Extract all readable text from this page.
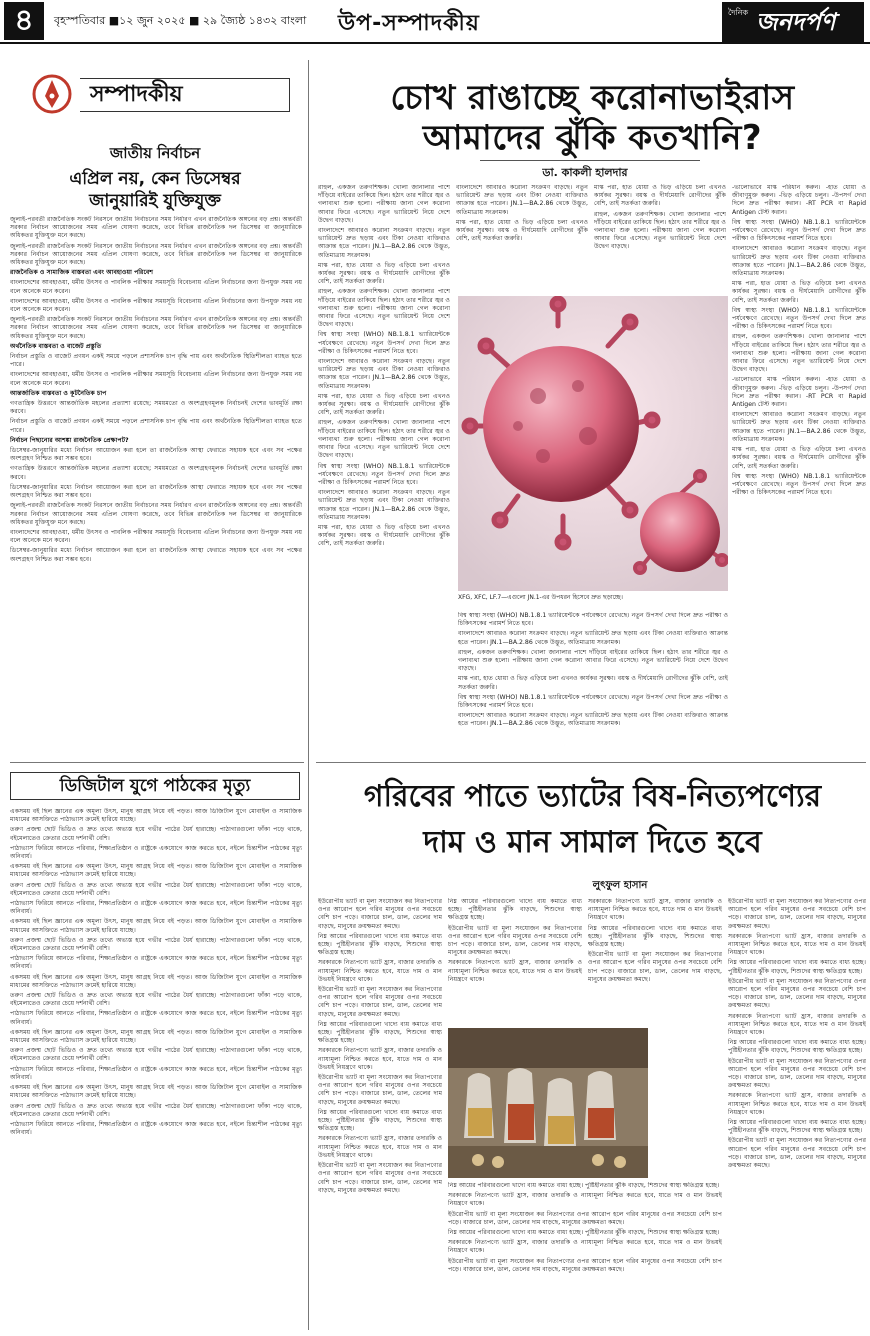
৪	বৃহস্পতিবার ■১২ জুন ২০২৫ ■ ২৯ জ্যৈষ্ঠ ১৪৩২ বাংলা উপ-সম্পাদকীয়	দৈনিক জনদর্পণ
সম্পাদকীয়
জাতীয় নির্বাচন
এপ্রিল নয়, কেন ডিসেম্বর
জানুয়ারিই যুক্তিযুক্ত

জুলাই-পরবর্তী রাজনৈতিক সংকট নিরসনে জাতীয় নির্বাচনের সময় নির্ধারণ এখন রাজনৈতিক অঙ্গনের বড় প্রশ্ন। অন্তর্বর্তী সরকার নির্বাচন আয়োজনের সময় এপ্রিল ঘোষণা করেছে, তবে বিভিন্ন রাজনৈতিক দল ডিসেম্বর বা জানুয়ারিকে অধিকতর যুক্তিযুক্ত মনে করছে।

জুলাই-পরবর্তী রাজনৈতিক সংকট নিরসনে জাতীয় নির্বাচনের সময় নির্ধারণ এখন রাজনৈতিক অঙ্গনের বড় প্রশ্ন। অন্তর্বর্তী সরকার নির্বাচন আয়োজনের সময় এপ্রিল ঘোষণা করেছে, তবে বিভিন্ন রাজনৈতিক দল ডিসেম্বর বা জানুয়ারিকে অধিকতর যুক্তিযুক্ত মনে করছে।

রাজনৈতিক ও সামাজিক বাস্তবতা এবং আবহাওয়া পরিবেশ

বাংলাদেশের আবহাওয়া, ধর্মীয় উৎসব ও পাবলিক পরীক্ষার সময়সূচি বিবেচনায় এপ্রিল নির্বাচনের জন্য উপযুক্ত সময় নয় বলে অনেকে মনে করেন।

বাংলাদেশের আবহাওয়া, ধর্মীয় উৎসব ও পাবলিক পরীক্ষার সময়সূচি বিবেচনায় এপ্রিল নির্বাচনের জন্য উপযুক্ত সময় নয় বলে অনেকে মনে করেন।

জুলাই-পরবর্তী রাজনৈতিক সংকট নিরসনে জাতীয় নির্বাচনের সময় নির্ধারণ এখন রাজনৈতিক অঙ্গনের বড় প্রশ্ন। অন্তর্বর্তী সরকার নির্বাচন আয়োজনের সময় এপ্রিল ঘোষণা করেছে, তবে বিভিন্ন রাজনৈতিক দল ডিসেম্বর বা জানুয়ারিকে অধিকতর যুক্তিযুক্ত মনে করছে।

অর্থনৈতিক বাস্তবতা ও বাজেট প্রস্তুতি

নির্বাচন প্রস্তুতি ও বাজেট প্রণয়ন একই সময়ে পড়লে প্রশাসনিক চাপ বৃদ্ধি পায় এবং অর্থনৈতিক স্থিতিশীলতা ব্যাহত হতে পারে।

বাংলাদেশের আবহাওয়া, ধর্মীয় উৎসব ও পাবলিক পরীক্ষার সময়সূচি বিবেচনায় এপ্রিল নির্বাচনের জন্য উপযুক্ত সময় নয় বলে অনেকে মনে করেন।

আন্তর্জাতিক বাস্তবতা ও কূটনৈতিক চাপ

গণতান্ত্রিক উত্তরণে আন্তর্জাতিক মহলের প্রত্যাশা রয়েছে; সময়মতো ও অংশগ্রহণমূলক নির্বাচনই দেশের ভাবমূর্তি রক্ষা করবে।

নির্বাচন প্রস্তুতি ও বাজেট প্রণয়ন একই সময়ে পড়লে প্রশাসনিক চাপ বৃদ্ধি পায় এবং অর্থনৈতিক স্থিতিশীলতা ব্যাহত হতে পারে।

নির্বাচন পিছানোর আশঙ্কা রাজনৈতিক প্রেক্ষাপট?

ডিসেম্বর-জানুয়ারির মধ্যে নির্বাচন আয়োজন করা হলে তা রাজনৈতিক আস্থা ফেরাতে সহায়ক হবে এবং সব পক্ষের অংশগ্রহণ নিশ্চিত করা সম্ভব হবে।

গণতান্ত্রিক উত্তরণে আন্তর্জাতিক মহলের প্রত্যাশা রয়েছে; সময়মতো ও অংশগ্রহণমূলক নির্বাচনই দেশের ভাবমূর্তি রক্ষা করবে।

ডিসেম্বর-জানুয়ারির মধ্যে নির্বাচন আয়োজন করা হলে তা রাজনৈতিক আস্থা ফেরাতে সহায়ক হবে এবং সব পক্ষের অংশগ্রহণ নিশ্চিত করা সম্ভব হবে।

জুলাই-পরবর্তী রাজনৈতিক সংকট নিরসনে জাতীয় নির্বাচনের সময় নির্ধারণ এখন রাজনৈতিক অঙ্গনের বড় প্রশ্ন। অন্তর্বর্তী সরকার নির্বাচন আয়োজনের সময় এপ্রিল ঘোষণা করেছে, তবে বিভিন্ন রাজনৈতিক দল ডিসেম্বর বা জানুয়ারিকে অধিকতর যুক্তিযুক্ত মনে করছে।

বাংলাদেশের আবহাওয়া, ধর্মীয় উৎসব ও পাবলিক পরীক্ষার সময়সূচি বিবেচনায় এপ্রিল নির্বাচনের জন্য উপযুক্ত সময় নয় বলে অনেকে মনে করেন।

ডিসেম্বর-জানুয়ারির মধ্যে নির্বাচন আয়োজন করা হলে তা রাজনৈতিক আস্থা ফেরাতে সহায়ক হবে এবং সব পক্ষের অংশগ্রহণ নিশ্চিত করা সম্ভব হবে।

ডিজিটাল যুগে পাঠকের মৃত্যু

একসময় বই ছিল জ্ঞানের এক অমূল্য উৎস, মানুষ আগ্রহ নিয়ে বই পড়ত। আজ ডিজিটাল যুগে মোবাইল ও সামাজিক মাধ্যমের আসক্তিতে পাঠাভ্যাস ক্রমেই হারিয়ে যাচ্ছে।

তরুণ প্রজন্ম ছোট ভিডিও ও দ্রুত তথ্যে অভ্যস্ত হয়ে গভীর পাঠের ধৈর্য হারাচ্ছে। পাঠাগারগুলো ফাঁকা পড়ে থাকে, বইমেলাতেও ক্রেতার চেয়ে দর্শনার্থী বেশি।

পাঠাভ্যাস ফিরিয়ে আনতে পরিবার, শিক্ষাপ্রতিষ্ঠান ও রাষ্ট্রকে একযোগে কাজ করতে হবে, নইলে চিন্তাশীল পাঠকের মৃত্যু অনিবার্য।

একসময় বই ছিল জ্ঞানের এক অমূল্য উৎস, মানুষ আগ্রহ নিয়ে বই পড়ত। আজ ডিজিটাল যুগে মোবাইল ও সামাজিক মাধ্যমের আসক্তিতে পাঠাভ্যাস ক্রমেই হারিয়ে যাচ্ছে।

তরুণ প্রজন্ম ছোট ভিডিও ও দ্রুত তথ্যে অভ্যস্ত হয়ে গভীর পাঠের ধৈর্য হারাচ্ছে। পাঠাগারগুলো ফাঁকা পড়ে থাকে, বইমেলাতেও ক্রেতার চেয়ে দর্শনার্থী বেশি।

পাঠাভ্যাস ফিরিয়ে আনতে পরিবার, শিক্ষাপ্রতিষ্ঠান ও রাষ্ট্রকে একযোগে কাজ করতে হবে, নইলে চিন্তাশীল পাঠকের মৃত্যু অনিবার্য।

একসময় বই ছিল জ্ঞানের এক অমূল্য উৎস, মানুষ আগ্রহ নিয়ে বই পড়ত। আজ ডিজিটাল যুগে মোবাইল ও সামাজিক মাধ্যমের আসক্তিতে পাঠাভ্যাস ক্রমেই হারিয়ে যাচ্ছে।

তরুণ প্রজন্ম ছোট ভিডিও ও দ্রুত তথ্যে অভ্যস্ত হয়ে গভীর পাঠের ধৈর্য হারাচ্ছে। পাঠাগারগুলো ফাঁকা পড়ে থাকে, বইমেলাতেও ক্রেতার চেয়ে দর্শনার্থী বেশি।

পাঠাভ্যাস ফিরিয়ে আনতে পরিবার, শিক্ষাপ্রতিষ্ঠান ও রাষ্ট্রকে একযোগে কাজ করতে হবে, নইলে চিন্তাশীল পাঠকের মৃত্যু অনিবার্য।

একসময় বই ছিল জ্ঞানের এক অমূল্য উৎস, মানুষ আগ্রহ নিয়ে বই পড়ত। আজ ডিজিটাল যুগে মোবাইল ও সামাজিক মাধ্যমের আসক্তিতে পাঠাভ্যাস ক্রমেই হারিয়ে যাচ্ছে।

তরুণ প্রজন্ম ছোট ভিডিও ও দ্রুত তথ্যে অভ্যস্ত হয়ে গভীর পাঠের ধৈর্য হারাচ্ছে। পাঠাগারগুলো ফাঁকা পড়ে থাকে, বইমেলাতেও ক্রেতার চেয়ে দর্শনার্থী বেশি।

পাঠাভ্যাস ফিরিয়ে আনতে পরিবার, শিক্ষাপ্রতিষ্ঠান ও রাষ্ট্রকে একযোগে কাজ করতে হবে, নইলে চিন্তাশীল পাঠকের মৃত্যু অনিবার্য।

একসময় বই ছিল জ্ঞানের এক অমূল্য উৎস, মানুষ আগ্রহ নিয়ে বই পড়ত। আজ ডিজিটাল যুগে মোবাইল ও সামাজিক মাধ্যমের আসক্তিতে পাঠাভ্যাস ক্রমেই হারিয়ে যাচ্ছে।

তরুণ প্রজন্ম ছোট ভিডিও ও দ্রুত তথ্যে অভ্যস্ত হয়ে গভীর পাঠের ধৈর্য হারাচ্ছে। পাঠাগারগুলো ফাঁকা পড়ে থাকে, বইমেলাতেও ক্রেতার চেয়ে দর্শনার্থী বেশি।

পাঠাভ্যাস ফিরিয়ে আনতে পরিবার, শিক্ষাপ্রতিষ্ঠান ও রাষ্ট্রকে একযোগে কাজ করতে হবে, নইলে চিন্তাশীল পাঠকের মৃত্যু অনিবার্য।

একসময় বই ছিল জ্ঞানের এক অমূল্য উৎস, মানুষ আগ্রহ নিয়ে বই পড়ত। আজ ডিজিটাল যুগে মোবাইল ও সামাজিক মাধ্যমের আসক্তিতে পাঠাভ্যাস ক্রমেই হারিয়ে যাচ্ছে।

তরুণ প্রজন্ম ছোট ভিডিও ও দ্রুত তথ্যে অভ্যস্ত হয়ে গভীর পাঠের ধৈর্য হারাচ্ছে। পাঠাগারগুলো ফাঁকা পড়ে থাকে, বইমেলাতেও ক্রেতার চেয়ে দর্শনার্থী বেশি।

পাঠাভ্যাস ফিরিয়ে আনতে পরিবার, শিক্ষাপ্রতিষ্ঠান ও রাষ্ট্রকে একযোগে কাজ করতে হবে, নইলে চিন্তাশীল পাঠকের মৃত্যু অনিবার্য।

চোখ রাঙাচ্ছে করোনাভাইরাস
আমাদের ঝুঁকি কতখানি?
ডা. কাকলী হালদার

রাহুল, একজন তরুণশিক্ষক। খোলা জানালার পাশে দাঁড়িয়ে বাইরের তাকিয়ে ছিল। হঠাৎ তার শরীরে জ্বর ও গলাব্যথা শুরু হলো। পরীক্ষায় জানা গেল করোনা আবার ফিরে এসেছে। নতুন ভ্যারিয়েন্ট নিয়ে দেশে উদ্বেগ বাড়ছে।

বাংলাদেশে আবারও করোনা সংক্রমণ বাড়ছে। নতুন ভ্যারিয়েন্ট দ্রুত ছড়ায় এবং টিকা নেওয়া ব্যক্তিরাও আক্রান্ত হতে পারেন। JN.1—BA.2.86 থেকে উদ্ভূত, অতিমাত্রায় সংক্রামক।

মাস্ক পরা, হাত ধোয়া ও ভিড় এড়িয়ে চলা এখনও কার্যকর সুরক্ষা। বয়স্ক ও দীর্ঘমেয়াদি রোগীদের ঝুঁকি বেশি, তাই সতর্কতা জরুরি।

রাহুল, একজন তরুণশিক্ষক। খোলা জানালার পাশে দাঁড়িয়ে বাইরের তাকিয়ে ছিল। হঠাৎ তার শরীরে জ্বর ও গলাব্যথা শুরু হলো। পরীক্ষায় জানা গেল করোনা আবার ফিরে এসেছে। নতুন ভ্যারিয়েন্ট নিয়ে দেশে উদ্বেগ বাড়ছে।

বিশ্ব স্বাস্থ্য সংস্থা (WHO) NB.1.8.1 ভ্যারিয়েন্টকে পর্যবেক্ষণে রেখেছে। নতুন উপসর্গ দেখা দিলে দ্রুত পরীক্ষা ও চিকিৎসকের পরামর্শ নিতে হবে।

বাংলাদেশে আবারও করোনা সংক্রমণ বাড়ছে। নতুন ভ্যারিয়েন্ট দ্রুত ছড়ায় এবং টিকা নেওয়া ব্যক্তিরাও আক্রান্ত হতে পারেন। JN.1—BA.2.86 থেকে উদ্ভূত, অতিমাত্রায় সংক্রামক।

মাস্ক পরা, হাত ধোয়া ও ভিড় এড়িয়ে চলা এখনও কার্যকর সুরক্ষা। বয়স্ক ও দীর্ঘমেয়াদি রোগীদের ঝুঁকি বেশি, তাই সতর্কতা জরুরি।

রাহুল, একজন তরুণশিক্ষক। খোলা জানালার পাশে দাঁড়িয়ে বাইরের তাকিয়ে ছিল। হঠাৎ তার শরীরে জ্বর ও গলাব্যথা শুরু হলো। পরীক্ষায় জানা গেল করোনা আবার ফিরে এসেছে। নতুন ভ্যারিয়েন্ট নিয়ে দেশে উদ্বেগ বাড়ছে।

বিশ্ব স্বাস্থ্য সংস্থা (WHO) NB.1.8.1 ভ্যারিয়েন্টকে পর্যবেক্ষণে রেখেছে। নতুন উপসর্গ দেখা দিলে দ্রুত পরীক্ষা ও চিকিৎসকের পরামর্শ নিতে হবে।

বাংলাদেশে আবারও করোনা সংক্রমণ বাড়ছে। নতুন ভ্যারিয়েন্ট দ্রুত ছড়ায় এবং টিকা নেওয়া ব্যক্তিরাও আক্রান্ত হতে পারেন। JN.1—BA.2.86 থেকে উদ্ভূত, অতিমাত্রায় সংক্রামক।

মাস্ক পরা, হাত ধোয়া ও ভিড় এড়িয়ে চলা এখনও কার্যকর সুরক্ষা। বয়স্ক ও দীর্ঘমেয়াদি রোগীদের ঝুঁকি বেশি, তাই সতর্কতা জরুরি।

বাংলাদেশে আবারও করোনা সংক্রমণ বাড়ছে। নতুন ভ্যারিয়েন্ট দ্রুত ছড়ায় এবং টিকা নেওয়া ব্যক্তিরাও আক্রান্ত হতে পারেন। JN.1—BA.2.86 থেকে উদ্ভূত, অতিমাত্রায় সংক্রামক।

মাস্ক পরা, হাত ধোয়া ও ভিড় এড়িয়ে চলা এখনও কার্যকর সুরক্ষা। বয়স্ক ও দীর্ঘমেয়াদি রোগীদের ঝুঁকি বেশি, তাই সতর্কতা জরুরি।

মাস্ক পরা, হাত ধোয়া ও ভিড় এড়িয়ে চলা এখনও কার্যকর সুরক্ষা। বয়স্ক ও দীর্ঘমেয়াদি রোগীদের ঝুঁকি বেশি, তাই সতর্কতা জরুরি।

রাহুল, একজন তরুণশিক্ষক। খোলা জানালার পাশে দাঁড়িয়ে বাইরের তাকিয়ে ছিল। হঠাৎ তার শরীরে জ্বর ও গলাব্যথা শুরু হলো। পরীক্ষায় জানা গেল করোনা আবার ফিরে এসেছে। নতুন ভ্যারিয়েন্ট নিয়ে দেশে উদ্বেগ বাড়ছে।

-ভালোভাবে মাস্ক পরিধান করুন। -হাত ধোয়া ও জীবাণুমুক্ত করুন। -ভিড় এড়িয়ে চলুন। -উপসর্গ দেখা দিলে দ্রুত পরীক্ষা করান। -RT PCR বা Rapid Antigen টেস্ট করান।

বিশ্ব স্বাস্থ্য সংস্থা (WHO) NB.1.8.1 ভ্যারিয়েন্টকে পর্যবেক্ষণে রেখেছে। নতুন উপসর্গ দেখা দিলে দ্রুত পরীক্ষা ও চিকিৎসকের পরামর্শ নিতে হবে।

বাংলাদেশে আবারও করোনা সংক্রমণ বাড়ছে। নতুন ভ্যারিয়েন্ট দ্রুত ছড়ায় এবং টিকা নেওয়া ব্যক্তিরাও আক্রান্ত হতে পারেন। JN.1—BA.2.86 থেকে উদ্ভূত, অতিমাত্রায় সংক্রামক।

মাস্ক পরা, হাত ধোয়া ও ভিড় এড়িয়ে চলা এখনও কার্যকর সুরক্ষা। বয়স্ক ও দীর্ঘমেয়াদি রোগীদের ঝুঁকি বেশি, তাই সতর্কতা জরুরি।

বিশ্ব স্বাস্থ্য সংস্থা (WHO) NB.1.8.1 ভ্যারিয়েন্টকে পর্যবেক্ষণে রেখেছে। নতুন উপসর্গ দেখা দিলে দ্রুত পরীক্ষা ও চিকিৎসকের পরামর্শ নিতে হবে।

রাহুল, একজন তরুণশিক্ষক। খোলা জানালার পাশে দাঁড়িয়ে বাইরের তাকিয়ে ছিল। হঠাৎ তার শরীরে জ্বর ও গলাব্যথা শুরু হলো। পরীক্ষায় জানা গেল করোনা আবার ফিরে এসেছে। নতুন ভ্যারিয়েন্ট নিয়ে দেশে উদ্বেগ বাড়ছে।

-ভালোভাবে মাস্ক পরিধান করুন। -হাত ধোয়া ও জীবাণুমুক্ত করুন। -ভিড় এড়িয়ে চলুন। -উপসর্গ দেখা দিলে দ্রুত পরীক্ষা করান। -RT PCR বা Rapid Antigen টেস্ট করান।

বাংলাদেশে আবারও করোনা সংক্রমণ বাড়ছে। নতুন ভ্যারিয়েন্ট দ্রুত ছড়ায় এবং টিকা নেওয়া ব্যক্তিরাও আক্রান্ত হতে পারেন। JN.1—BA.2.86 থেকে উদ্ভূত, অতিমাত্রায় সংক্রামক।

মাস্ক পরা, হাত ধোয়া ও ভিড় এড়িয়ে চলা এখনও কার্যকর সুরক্ষা। বয়স্ক ও দীর্ঘমেয়াদি রোগীদের ঝুঁকি বেশি, তাই সতর্কতা জরুরি।

বিশ্ব স্বাস্থ্য সংস্থা (WHO) NB.1.8.1 ভ্যারিয়েন্টকে পর্যবেক্ষণে রেখেছে। নতুন উপসর্গ দেখা দিলে দ্রুত পরীক্ষা ও চিকিৎসকের পরামর্শ নিতে হবে।

XFG, XFC, LF.7—এগুলো JN.1-এর উপধরন হিসেবে দ্রুত ছড়াচ্ছে।

বিশ্ব স্বাস্থ্য সংস্থা (WHO) NB.1.8.1 ভ্যারিয়েন্টকে পর্যবেক্ষণে রেখেছে। নতুন উপসর্গ দেখা দিলে দ্রুত পরীক্ষা ও চিকিৎসকের পরামর্শ নিতে হবে।

বাংলাদেশে আবারও করোনা সংক্রমণ বাড়ছে। নতুন ভ্যারিয়েন্ট দ্রুত ছড়ায় এবং টিকা নেওয়া ব্যক্তিরাও আক্রান্ত হতে পারেন। JN.1—BA.2.86 থেকে উদ্ভূত, অতিমাত্রায় সংক্রামক।

রাহুল, একজন তরুণশিক্ষক। খোলা জানালার পাশে দাঁড়িয়ে বাইরের তাকিয়ে ছিল। হঠাৎ তার শরীরে জ্বর ও গলাব্যথা শুরু হলো। পরীক্ষায় জানা গেল করোনা আবার ফিরে এসেছে। নতুন ভ্যারিয়েন্ট নিয়ে দেশে উদ্বেগ বাড়ছে।

মাস্ক পরা, হাত ধোয়া ও ভিড় এড়িয়ে চলা এখনও কার্যকর সুরক্ষা। বয়স্ক ও দীর্ঘমেয়াদি রোগীদের ঝুঁকি বেশি, তাই সতর্কতা জরুরি।

বিশ্ব স্বাস্থ্য সংস্থা (WHO) NB.1.8.1 ভ্যারিয়েন্টকে পর্যবেক্ষণে রেখেছে। নতুন উপসর্গ দেখা দিলে দ্রুত পরীক্ষা ও চিকিৎসকের পরামর্শ নিতে হবে।

বাংলাদেশে আবারও করোনা সংক্রমণ বাড়ছে। নতুন ভ্যারিয়েন্ট দ্রুত ছড়ায় এবং টিকা নেওয়া ব্যক্তিরাও আক্রান্ত হতে পারেন। JN.1—BA.2.86 থেকে উদ্ভূত, অতিমাত্রায় সংক্রামক।

গরিবের পাতে ভ্যাটের বিষ-নিত্যপণ্যের
দাম ও মান সামাল দিতে হবে
লুৎফুল হাসান

ইউরোপীয় ভ্যাট বা মূল্য সংযোজন কর নিত্যপণ্যের ওপর আরোপ হলে গরিব মানুষের ওপর সবচেয়ে বেশি চাপ পড়ে। বাজারে চাল, ডাল, তেলের দাম বাড়ছে, মানুষের ক্রয়ক্ষমতা কমছে।

নিম্ন আয়ের পরিবারগুলো খাদ্যে ব্যয় কমাতে বাধ্য হচ্ছে। পুষ্টিহীনতার ঝুঁকি বাড়ছে, শিশুদের স্বাস্থ্য ক্ষতিগ্রস্ত হচ্ছে।

সরকারকে নিত্যপণ্যে ভ্যাট হ্রাস, বাজার তদারকি ও ন্যায্যমূল্য নিশ্চিত করতে হবে, যাতে দাম ও মান উভয়ই নিয়ন্ত্রণে থাকে।

ইউরোপীয় ভ্যাট বা মূল্য সংযোজন কর নিত্যপণ্যের ওপর আরোপ হলে গরিব মানুষের ওপর সবচেয়ে বেশি চাপ পড়ে। বাজারে চাল, ডাল, তেলের দাম বাড়ছে, মানুষের ক্রয়ক্ষমতা কমছে।

নিম্ন আয়ের পরিবারগুলো খাদ্যে ব্যয় কমাতে বাধ্য হচ্ছে। পুষ্টিহীনতার ঝুঁকি বাড়ছে, শিশুদের স্বাস্থ্য ক্ষতিগ্রস্ত হচ্ছে।

সরকারকে নিত্যপণ্যে ভ্যাট হ্রাস, বাজার তদারকি ও ন্যায্যমূল্য নিশ্চিত করতে হবে, যাতে দাম ও মান উভয়ই নিয়ন্ত্রণে থাকে।

ইউরোপীয় ভ্যাট বা মূল্য সংযোজন কর নিত্যপণ্যের ওপর আরোপ হলে গরিব মানুষের ওপর সবচেয়ে বেশি চাপ পড়ে। বাজারে চাল, ডাল, তেলের দাম বাড়ছে, মানুষের ক্রয়ক্ষমতা কমছে।

নিম্ন আয়ের পরিবারগুলো খাদ্যে ব্যয় কমাতে বাধ্য হচ্ছে। পুষ্টিহীনতার ঝুঁকি বাড়ছে, শিশুদের স্বাস্থ্য ক্ষতিগ্রস্ত হচ্ছে।

সরকারকে নিত্যপণ্যে ভ্যাট হ্রাস, বাজার তদারকি ও ন্যায্যমূল্য নিশ্চিত করতে হবে, যাতে দাম ও মান উভয়ই নিয়ন্ত্রণে থাকে।

ইউরোপীয় ভ্যাট বা মূল্য সংযোজন কর নিত্যপণ্যের ওপর আরোপ হলে গরিব মানুষের ওপর সবচেয়ে বেশি চাপ পড়ে। বাজারে চাল, ডাল, তেলের দাম বাড়ছে, মানুষের ক্রয়ক্ষমতা কমছে।

নিম্ন আয়ের পরিবারগুলো খাদ্যে ব্যয় কমাতে বাধ্য হচ্ছে। পুষ্টিহীনতার ঝুঁকি বাড়ছে, শিশুদের স্বাস্থ্য ক্ষতিগ্রস্ত হচ্ছে।

ইউরোপীয় ভ্যাট বা মূল্য সংযোজন কর নিত্যপণ্যের ওপর আরোপ হলে গরিব মানুষের ওপর সবচেয়ে বেশি চাপ পড়ে। বাজারে চাল, ডাল, তেলের দাম বাড়ছে, মানুষের ক্রয়ক্ষমতা কমছে।

সরকারকে নিত্যপণ্যে ভ্যাট হ্রাস, বাজার তদারকি ও ন্যায্যমূল্য নিশ্চিত করতে হবে, যাতে দাম ও মান উভয়ই নিয়ন্ত্রণে থাকে।

সরকারকে নিত্যপণ্যে ভ্যাট হ্রাস, বাজার তদারকি ও ন্যায্যমূল্য নিশ্চিত করতে হবে, যাতে দাম ও মান উভয়ই নিয়ন্ত্রণে থাকে।

নিম্ন আয়ের পরিবারগুলো খাদ্যে ব্যয় কমাতে বাধ্য হচ্ছে। পুষ্টিহীনতার ঝুঁকি বাড়ছে, শিশুদের স্বাস্থ্য ক্ষতিগ্রস্ত হচ্ছে।

ইউরোপীয় ভ্যাট বা মূল্য সংযোজন কর নিত্যপণ্যের ওপর আরোপ হলে গরিব মানুষের ওপর সবচেয়ে বেশি চাপ পড়ে। বাজারে চাল, ডাল, তেলের দাম বাড়ছে, মানুষের ক্রয়ক্ষমতা কমছে।

ইউরোপীয় ভ্যাট বা মূল্য সংযোজন কর নিত্যপণ্যের ওপর আরোপ হলে গরিব মানুষের ওপর সবচেয়ে বেশি চাপ পড়ে। বাজারে চাল, ডাল, তেলের দাম বাড়ছে, মানুষের ক্রয়ক্ষমতা কমছে।

সরকারকে নিত্যপণ্যে ভ্যাট হ্রাস, বাজার তদারকি ও ন্যায্যমূল্য নিশ্চিত করতে হবে, যাতে দাম ও মান উভয়ই নিয়ন্ত্রণে থাকে।

নিম্ন আয়ের পরিবারগুলো খাদ্যে ব্যয় কমাতে বাধ্য হচ্ছে। পুষ্টিহীনতার ঝুঁকি বাড়ছে, শিশুদের স্বাস্থ্য ক্ষতিগ্রস্ত হচ্ছে।

ইউরোপীয় ভ্যাট বা মূল্য সংযোজন কর নিত্যপণ্যের ওপর আরোপ হলে গরিব মানুষের ওপর সবচেয়ে বেশি চাপ পড়ে। বাজারে চাল, ডাল, তেলের দাম বাড়ছে, মানুষের ক্রয়ক্ষমতা কমছে।

সরকারকে নিত্যপণ্যে ভ্যাট হ্রাস, বাজার তদারকি ও ন্যায্যমূল্য নিশ্চিত করতে হবে, যাতে দাম ও মান উভয়ই নিয়ন্ত্রণে থাকে।

নিম্ন আয়ের পরিবারগুলো খাদ্যে ব্যয় কমাতে বাধ্য হচ্ছে। পুষ্টিহীনতার ঝুঁকি বাড়ছে, শিশুদের স্বাস্থ্য ক্ষতিগ্রস্ত হচ্ছে।

ইউরোপীয় ভ্যাট বা মূল্য সংযোজন কর নিত্যপণ্যের ওপর আরোপ হলে গরিব মানুষের ওপর সবচেয়ে বেশি চাপ পড়ে। বাজারে চাল, ডাল, তেলের দাম বাড়ছে, মানুষের ক্রয়ক্ষমতা কমছে।

সরকারকে নিত্যপণ্যে ভ্যাট হ্রাস, বাজার তদারকি ও ন্যায্যমূল্য নিশ্চিত করতে হবে, যাতে দাম ও মান উভয়ই নিয়ন্ত্রণে থাকে।

নিম্ন আয়ের পরিবারগুলো খাদ্যে ব্যয় কমাতে বাধ্য হচ্ছে। পুষ্টিহীনতার ঝুঁকি বাড়ছে, শিশুদের স্বাস্থ্য ক্ষতিগ্রস্ত হচ্ছে।

ইউরোপীয় ভ্যাট বা মূল্য সংযোজন কর নিত্যপণ্যের ওপর আরোপ হলে গরিব মানুষের ওপর সবচেয়ে বেশি চাপ পড়ে। বাজারে চাল, ডাল, তেলের দাম বাড়ছে, মানুষের ক্রয়ক্ষমতা কমছে।

নিম্ন আয়ের পরিবারগুলো খাদ্যে ব্যয় কমাতে বাধ্য হচ্ছে। পুষ্টিহীনতার ঝুঁকি বাড়ছে, শিশুদের স্বাস্থ্য ক্ষতিগ্রস্ত হচ্ছে।

সরকারকে নিত্যপণ্যে ভ্যাট হ্রাস, বাজার তদারকি ও ন্যায্যমূল্য নিশ্চিত করতে হবে, যাতে দাম ও মান উভয়ই নিয়ন্ত্রণে থাকে।

ইউরোপীয় ভ্যাট বা মূল্য সংযোজন কর নিত্যপণ্যের ওপর আরোপ হলে গরিব মানুষের ওপর সবচেয়ে বেশি চাপ পড়ে। বাজারে চাল, ডাল, তেলের দাম বাড়ছে, মানুষের ক্রয়ক্ষমতা কমছে।

নিম্ন আয়ের পরিবারগুলো খাদ্যে ব্যয় কমাতে বাধ্য হচ্ছে। পুষ্টিহীনতার ঝুঁকি বাড়ছে, শিশুদের স্বাস্থ্য ক্ষতিগ্রস্ত হচ্ছে।

সরকারকে নিত্যপণ্যে ভ্যাট হ্রাস, বাজার তদারকি ও ন্যায্যমূল্য নিশ্চিত করতে হবে, যাতে দাম ও মান উভয়ই নিয়ন্ত্রণে থাকে।

ইউরোপীয় ভ্যাট বা মূল্য সংযোজন কর নিত্যপণ্যের ওপর আরোপ হলে গরিব মানুষের ওপর সবচেয়ে বেশি চাপ পড়ে। বাজারে চাল, ডাল, তেলের দাম বাড়ছে, মানুষের ক্রয়ক্ষমতা কমছে।
